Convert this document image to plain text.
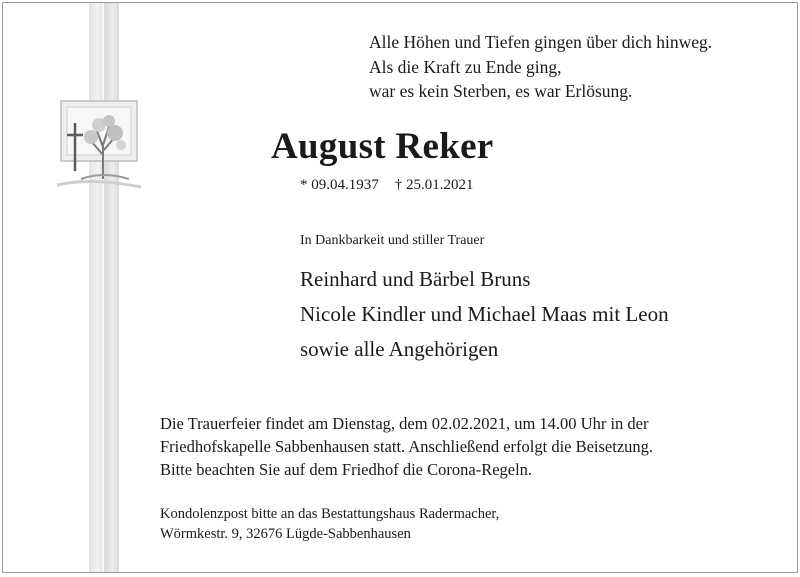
Alle Höhen und Tiefen gingen über dich hinweg.
Als die Kraft zu Ende ging,
war es kein Sterben, es war Erlösung.
August Reker
* 09.04.1937 † 25.01.2021
In Dankbarkeit und stiller Trauer
Reinhard und Bärbel Bruns
Nicole Kindler und Michael Maas mit Leon
sowie alle Angehörigen
Die Trauerfeier findet am Dienstag, dem 02.02.2021, um 14.00 Uhr in der
Friedhofskapelle Sabbenhausen statt. Anschließend erfolgt die Beisetzung.
Bitte beachten Sie auf dem Friedhof die Corona-Regeln.
Kondolenzpost bitte an das Bestattungshaus Radermacher,
Wörmkestr. 9, 32676 Lügde-Sabbenhausen
